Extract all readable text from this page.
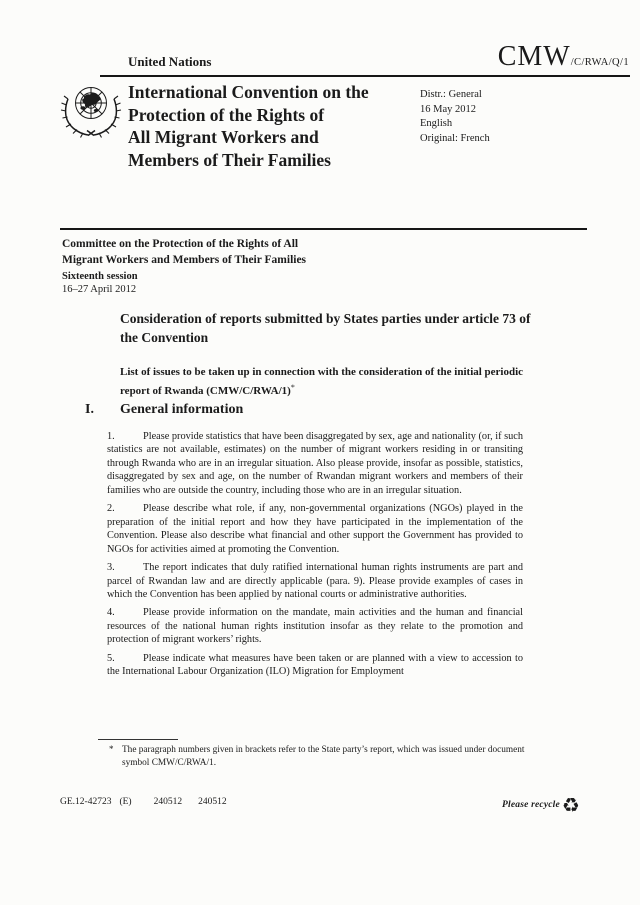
United Nations	CMW/C/RWA/Q/1
International Convention on the
Protection of the Rights of
All Migrant Workers and
Members of Their Families
Distr.: General
16 May 2012
English
Original: French
Committee on the Protection of the Rights of All
Migrant Workers and Members of Their Families
Sixteenth session
16–27 April 2012
Consideration of reports submitted by States parties under article 73 of the Convention
List of issues to be taken up in connection with the consideration of the initial periodic report of Rwanda (CMW/C/RWA/1)*
I. General information

1.	Please provide statistics that have been disaggregated by sex, age and nationality (or, if such statistics are not available, estimates) on the number of migrant workers residing in or transiting through Rwanda who are in an irregular situation. Also please provide, insofar as possible, statistics, disaggregated by sex and age, on the number of Rwandan migrant workers and members of their families who are outside the country, including those who are in an irregular situation.

2.	Please describe what role, if any, non-governmental organizations (NGOs) played in the preparation of the initial report and how they have participated in the implementation of the Convention. Please also describe what financial and other support the Government has provided to NGOs for activities aimed at promoting the Convention.

3.	The report indicates that duly ratified international human rights instruments are part and parcel of Rwandan law and are directly applicable (para. 9). Please provide examples of cases in which the Convention has been applied by national courts or administrative authorities.

4.	Please provide information on the mandate, main activities and the human and financial resources of the national human rights institution insofar as they relate to the promotion and protection of migrant workers’ rights.

5.	Please indicate what measures have been taken or are planned with a view to accession to the International Labour Organization (ILO) Migration for Employment

* The paragraph numbers given in brackets refer to the State party’s report, which was issued under document symbol CMW/C/RWA/1.
GE.12-42723 (E) 240512 240512	Please recycle ♻
